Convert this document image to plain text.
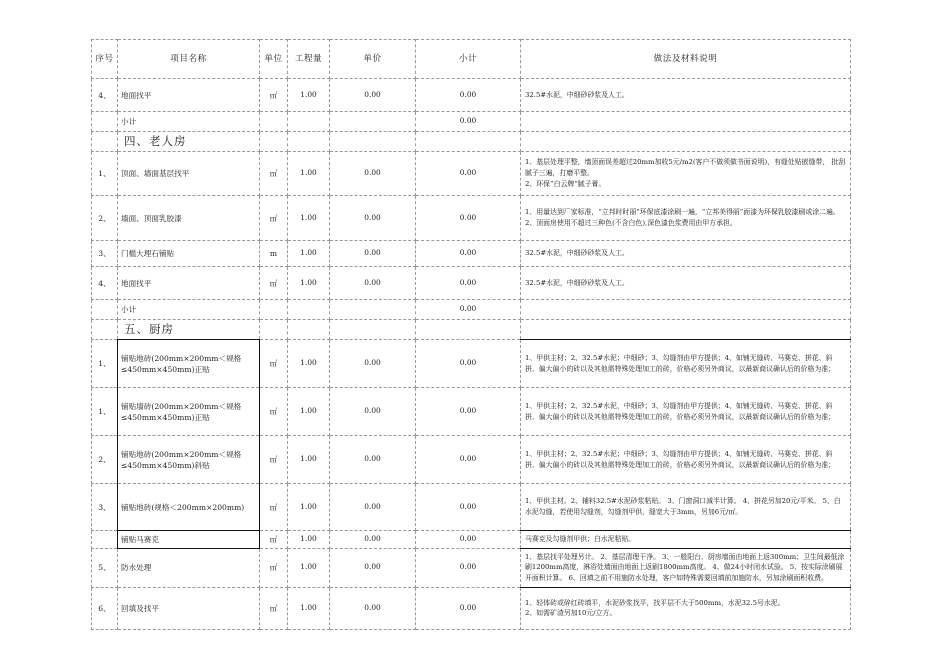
序号	项目名称	单位	工程量	单价	小计	做法及材料说明
4、	地面找平	㎡	1.00	0.00	0.00	32.5#水泥，中细砂砂浆及人工。
	小计				0.00	
	四、老人房					
1、	顶面、墙面基层找平	㎡	1.00	0.00	0.00	1、基层处理平整，墙顶面误差超过20mm加收5元/m2(客户不做须做书面说明)，有缝处贴嵌缝带， 批刮腻子三遍，打磨平整。
2、环保“白云牌”腻子膏。
2、	墙面、顶面乳胶漆	㎡	1.00	0.00	0.00	1、用量达到厂家标准，“立邦时时丽”环保底漆涂刷一遍，“立邦美得丽”面漆为环保乳胶漆刷或涂二遍。
2、顶面房使用不超过三种色(不含白色),深色漆色浆费用由甲方承担。
3、	门槛大理石铺贴	m	1.00	0.00	0.00	32.5#水泥，中细砂砂浆及人工。
4、	地面找平	㎡	1.00	0.00	0.00	32.5#水泥，中细砂砂浆及人工。
	小计				0.00	
	五、厨房					
1、	铺贴地砖(200mm×200mm＜规格≤450mm×450mm)正贴	㎡	1.00	0.00	0.00	1、甲供主材；2、32.5#水泥；中细砂；3、勾缝剂由甲方提供；4、如铺无缝砖、马赛克、拼花、斜拼、偏大偏小的砖以及其他需特殊处理加工的砖，价格必须另外商议，以最新商议确认后的价格为准；
1、	铺贴墙砖(200mm×200mm＜规格≤450mm×450mm)正贴	㎡	1.00	0.00	0.00	1、甲供主材；2、32.5#水泥，中细砂；3、勾缝剂由甲方提供；4、如铺无缝砖、马赛克、拼花、斜拼、偏大偏小的砖以及其他需特殊处理加工的砖，价格必须另外商议，以最新商议确认后的价格为准；
2、	铺贴地砖(200mm×200mm＜规格≤450mm×450mm)斜贴	㎡	1.00	0.00	0.00	1、甲供主材；2、32.5#水泥；中细砂；3、勾缝剂由甲方提供；4、如铺无缝砖、马赛克、拼花、斜拼、偏大偏小的砖以及其他需特殊处理加工的砖，价格必须另外商议，以最新商议确认后的价格为准；
3、	铺贴地砖(规格＜200mm×200mm)	㎡	1.00	0.00	0.00	1、甲供主材。2、辅料32.5#水泥砂浆粘贴。 3、门窗洞口减半计算。 4、拼花另加20元/平米。 5、白水泥勾缝，若使用勾缝剂，勾缝剂甲供，缝宽大于3mm，另加6元/㎡。
	铺贴马赛克	㎡	1.00	0.00	0.00	马赛克及勾缝剂甲供；白水泥粘贴。
5、	防水处理	㎡	1.00	0.00	0.00	1、基层找平处理另计。 2、基层清理干净。 3、一般阳台、厨房墙面由地面上返300mm；卫生间最低涂刷1200mm高度，淋浴处墙面由地面上返刷1800mm高度。 4、做24小时闭水试验。 5、按实际涂刷展开面积计算。 6、回填之前不用施防水处理，客户如特殊需要回填前加施防水，另加涂刷面积收费。
6、	回填及找平	㎡	1.00	0.00	0.00	1、轻体砖或碎红砖填平，水泥砂浆找平，找平层不大于500mm，水泥32.5号水泥。
2、如需矿渣另加10元/立方。
